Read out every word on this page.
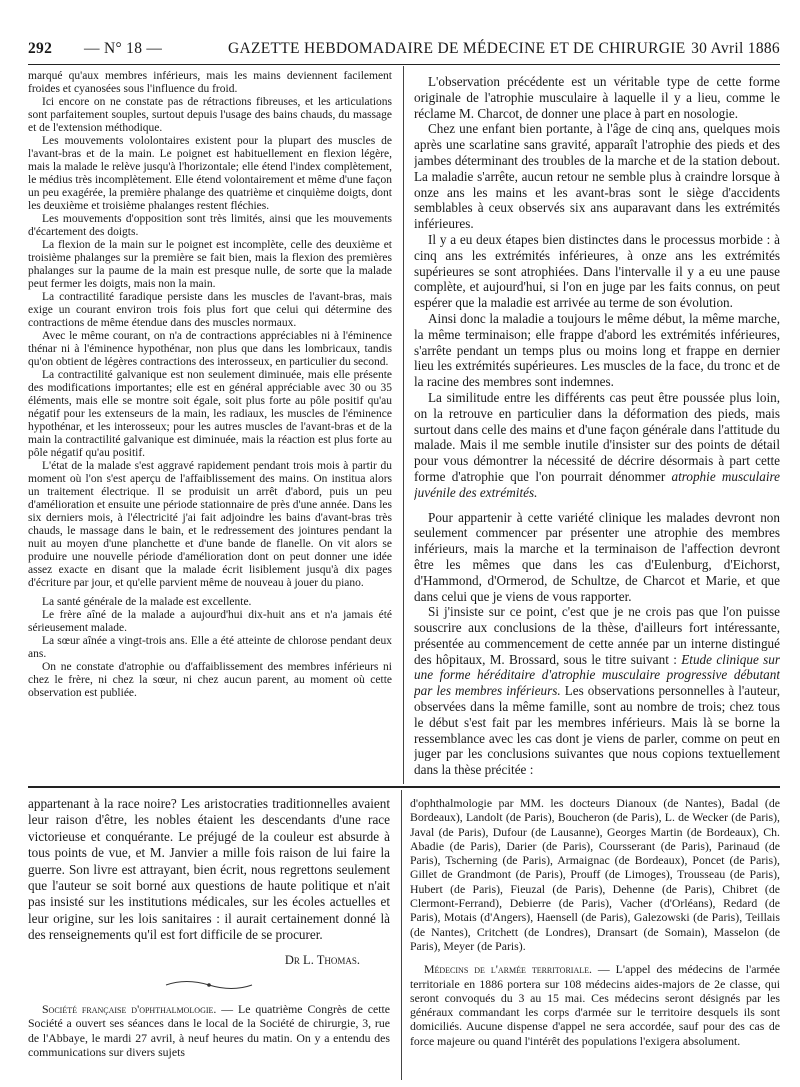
292 — N° 18 —	GAZETTE HEBDOMADAIRE DE MÉDECINE ET DE CHIRURGIE 30 Avril 1886

marqué qu'aux membres inférieurs, mais les mains deviennent facilement froides et cyanosées sous l'influence du froid.

Ici encore on ne constate pas de rétractions fibreuses, et les articulations sont parfaitement souples, surtout depuis l'usage des bains chauds, du massage et de l'extension méthodique.

Les mouvements vololontaires existent pour la plupart des muscles de l'avant-bras et de la main. Le poignet est habituellement en flexion légère, mais la malade le relève jusqu'à l'horizontale; elle étend l'index complètement, le médius très incomplètement. Elle étend volontairement et même d'une façon un peu exagérée, la première phalange des quatrième et cinquième doigts, dont les deuxième et troisième phalanges restent fléchies.

Les mouvements d'opposition sont très limités, ainsi que les mouvements d'écartement des doigts.

La flexion de la main sur le poignet est incomplète, celle des deuxième et troisième phalanges sur la première se fait bien, mais la flexion des premières phalanges sur la paume de la main est presque nulle, de sorte que la malade peut fermer les doigts, mais non la main.

La contractilité faradique persiste dans les muscles de l'avant-bras, mais exige un courant environ trois fois plus fort que celui qui détermine des contractions de même étendue dans des muscles normaux.

Avec le même courant, on n'a de contractions appréciables ni à l'éminence thénar ni à l'éminence hypothénar, non plus que dans les lombricaux, tandis qu'on obtient de légères contractions des interosseux, en particulier du second.

La contractilité galvanique est non seulement diminuée, mais elle présente des modifications importantes; elle est en général appréciable avec 30 ou 35 éléments, mais elle se montre soit égale, soit plus forte au pôle positif qu'au négatif pour les extenseurs de la main, les radiaux, les muscles de l'éminence hypothénar, et les interosseux; pour les autres muscles de l'avant-bras et de la main la contractilité galvanique est diminuée, mais la réaction est plus forte au pôle négatif qu'au positif.

L'état de la malade s'est aggravé rapidement pendant trois mois à partir du moment où l'on s'est aperçu de l'affaiblissement des mains. On institua alors un traitement électrique. Il se produisit un arrêt d'abord, puis un peu d'amélioration et ensuite une période stationnaire de près d'une année. Dans les six derniers mois, à l'électricité j'ai fait adjoindre les bains d'avant-bras très chauds, le massage dans le bain, et le redressement des jointures pendant la nuit au moyen d'une planchette et d'une bande de flanelle. On vit alors se produire une nouvelle période d'amélioration dont on peut donner une idée assez exacte en disant que la malade écrit lisiblement jusqu'à dix pages d'écriture par jour, et qu'elle parvient même de nouveau à jouer du piano.

La santé générale de la malade est excellente.

Le frère aîné de la malade a aujourd'hui dix-huit ans et n'a jamais été sérieusement malade.

La sœur aînée a vingt-trois ans. Elle a été atteinte de chlorose pendant deux ans.

On ne constate d'atrophie ou d'affaiblissement des membres inférieurs ni chez le frère, ni chez la sœur, ni chez aucun parent, au moment où cette observation est publiée.

L'observation précédente est un véritable type de cette forme originale de l'atrophie musculaire à laquelle il y a lieu, comme le réclame M. Charcot, de donner une place à part en nosologie.

Chez une enfant bien portante, à l'âge de cinq ans, quelques mois après une scarlatine sans gravité, apparaît l'atrophie des pieds et des jambes déterminant des troubles de la marche et de la station debout. La maladie s'arrête, aucun retour ne semble plus à craindre lorsque à onze ans les mains et les avant-bras sont le siège d'accidents semblables à ceux observés six ans auparavant dans les extrémités inférieures.

Il y a eu deux étapes bien distinctes dans le processus morbide : à cinq ans les extrémités inférieures, à onze ans les extrémités supérieures se sont atrophiées. Dans l'intervalle il y a eu une pause complète, et aujourd'hui, si l'on en juge par les faits connus, on peut espérer que la maladie est arrivée au terme de son évolution.

Ainsi donc la maladie a toujours le même début, la même marche, la même terminaison; elle frappe d'abord les extrémités inférieures, s'arrête pendant un temps plus ou moins long et frappe en dernier lieu les extrémités supérieures. Les muscles de la face, du tronc et de la racine des membres sont indemnes.

La similitude entre les différents cas peut être poussée plus loin, on la retrouve en particulier dans la déformation des pieds, mais surtout dans celle des mains et d'une façon générale dans l'attitude du malade. Mais il me semble inutile d'insister sur des points de détail pour vous démontrer la nécessité de décrire désormais à part cette forme d'atrophie que l'on pourrait dénommer atrophie musculaire juvénile des extrémités.

Pour appartenir à cette variété clinique les malades devront non seulement commencer par présenter une atrophie des membres inférieurs, mais la marche et la terminaison de l'affection devront être les mêmes que dans les cas d'Eulenburg, d'Eichorst, d'Hammond, d'Ormerod, de Schultze, de Charcot et Marie, et que dans celui que je viens de vous rapporter.

Si j'insiste sur ce point, c'est que je ne crois pas que l'on puisse souscrire aux conclusions de la thèse, d'ailleurs fort intéressante, présentée au commencement de cette année par un interne distingué des hôpitaux, M. Brossard, sous le titre suivant : Etude clinique sur une forme héréditaire d'atrophie musculaire progressive débutant par les membres inférieurs. Les observations personnelles à l'auteur, observées dans la même famille, sont au nombre de trois; chez tous le début s'est fait par les membres inférieurs. Mais là se borne la ressemblance avec les cas dont je viens de parler, comme on peut en juger par les conclusions suivantes que nous copions textuellement dans la thèse précitée :

appartenant à la race noire? Les aristocraties traditionnelles avaient leur raison d'être, les nobles étaient les descendants d'une race victorieuse et conquérante. Le préjugé de la couleur est absurde à tous points de vue, et M. Janvier a mille fois raison de lui faire la guerre. Son livre est attrayant, bien écrit, nous regrettons seulement que l'auteur se soit borné aux questions de haute politique et n'ait pas insisté sur les institutions médicales, sur les écoles actuelles et leur origine, sur les lois sanitaires : il aurait certainement donné là des renseignements qu'il est fort difficile de se procurer.

Dr L. Thomas.

Société française d'ophthalmologie. — Le quatrième Congrès de cette Société a ouvert ses séances dans le local de la Société de chirurgie, 3, rue de l'Abbaye, le mardi 27 avril, à neuf heures du matin. On y a entendu des communications sur divers sujets

d'ophthalmologie par MM. les docteurs Dianoux (de Nantes), Badal (de Bordeaux), Landolt (de Paris), Boucheron (de Paris), L. de Wecker (de Paris), Javal (de Paris), Dufour (de Lausanne), Georges Martin (de Bordeaux), Ch. Abadie (de Paris), Darier (de Paris), Coursserant (de Paris), Parinaud (de Paris), Tscherning (de Paris), Armaignac (de Bordeaux), Poncet (de Paris), Gillet de Grandmont (de Paris), Prouff (de Limoges), Trousseau (de Paris), Hubert (de Paris), Fieuzal (de Paris), Dehenne (de Paris), Chibret (de Clermont-Ferrand), Debierre (de Paris), Vacher (d'Orléans), Redard (de Paris), Motais (d'Angers), Haensell (de Paris), Galezowski (de Paris), Teillais (de Nantes), Critchett (de Londres), Dransart (de Somain), Masselon (de Paris), Meyer (de Paris).

Médecins de l'armée territoriale. — L'appel des médecins de l'armée territoriale en 1886 portera sur 108 médecins aides-majors de 2e classe, qui seront convoqués du 3 au 15 mai. Ces médecins seront désignés par les généraux commandant les corps d'armée sur le territoire desquels ils sont domiciliés. Aucune dispense d'appel ne sera accordée, sauf pour des cas de force majeure ou quand l'intérêt des populations l'exigera absolument.
